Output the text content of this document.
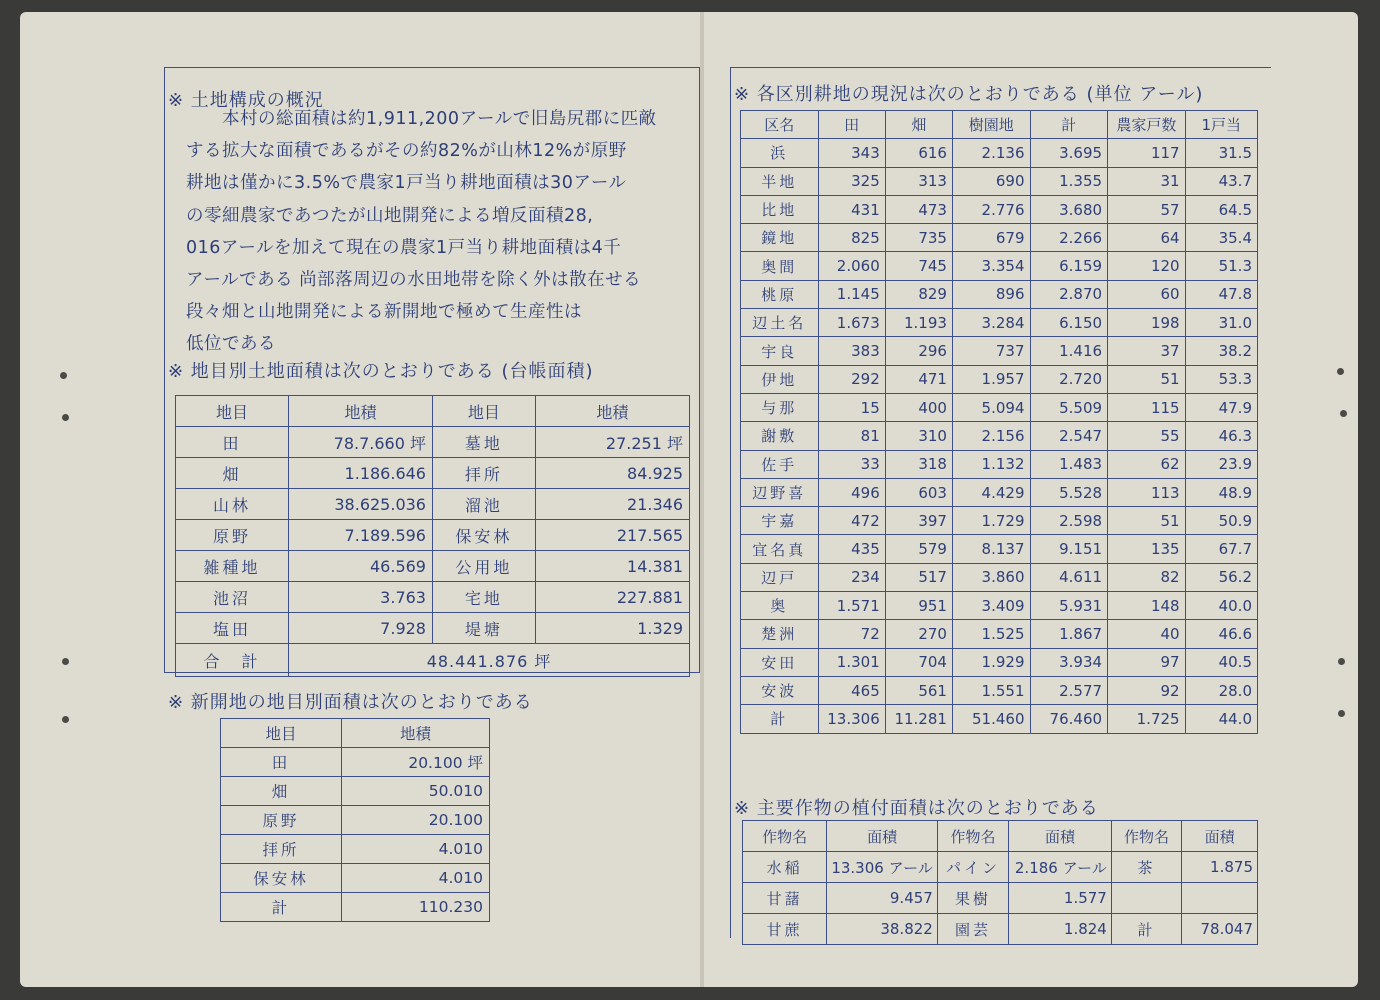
※ 土地構成の概況

本村の総面積は約1,911,200アールで旧島尻郡に匹敵

する拡大な面積であるがその約82%が山林12%が原野

耕地は僅かに3.5%で農家1戸当り耕地面積は30アール

の零細農家であつたが山地開発による増反面積28,

016アールを加えて現在の農家1戸当り耕地面積は4千

アールである 尚部落周辺の水田地帯を除く外は散在せる

段々畑と山地開発による新開地で極めて生産性は

低位である

※ 地目別土地面積は次のとおりである (台帳面積)
地目	地積	地目	地積
田	78.7.660 坪	墓地	27.251 坪
畑	1.186.646	拝所	84.925
山林	38.625.036	溜池	21.346
原野	7.189.596	保安林	217.565
雑種地	46.569	公用地	14.381
池沼	3.763	宅地	227.881
塩田	7.928	堤塘	1.329
合　計	48.441.876 坪		
※ 新開地の地目別面積は次のとおりである
地目	地積
田	20.100 坪
畑	50.010
原野	20.100
拝所	4.010
保安林	4.010
計	110.230
※ 各区別耕地の現況は次のとおりである (単位 アール)
区名	田	畑	樹園地	計	農家戸数	1戸当
浜	343	616	2.136	3.695	117	31.5
半地	325	313	690	1.355	31	43.7
比地	431	473	2.776	3.680	57	64.5
鏡地	825	735	679	2.266	64	35.4
奥間	2.060	745	3.354	6.159	120	51.3
桃原	1.145	829	896	2.870	60	47.8
辺土名	1.673	1.193	3.284	6.150	198	31.0
宇良	383	296	737	1.416	37	38.2
伊地	292	471	1.957	2.720	51	53.3
与那	15	400	5.094	5.509	115	47.9
謝敷	81	310	2.156	2.547	55	46.3
佐手	33	318	1.132	1.483	62	23.9
辺野喜	496	603	4.429	5.528	113	48.9
宇嘉	472	397	1.729	2.598	51	50.9
宜名真	435	579	8.137	9.151	135	67.7
辺戸	234	517	3.860	4.611	82	56.2
奥	1.571	951	3.409	5.931	148	40.0
楚洲	72	270	1.525	1.867	40	46.6
安田	1.301	704	1.929	3.934	97	40.5
安波	465	561	1.551	2.577	92	28.0
計	13.306	11.281	51.460	76.460	1.725	44.0
※ 主要作物の植付面積は次のとおりである
作物名	面積	作物名	面積	作物名	面積
水稲	13.306 アール	パイン	2.186 アール	茶	1.875
甘藷	9.457	果樹	1.577		
甘蔗	38.822	園芸	1.824	計	78.047
